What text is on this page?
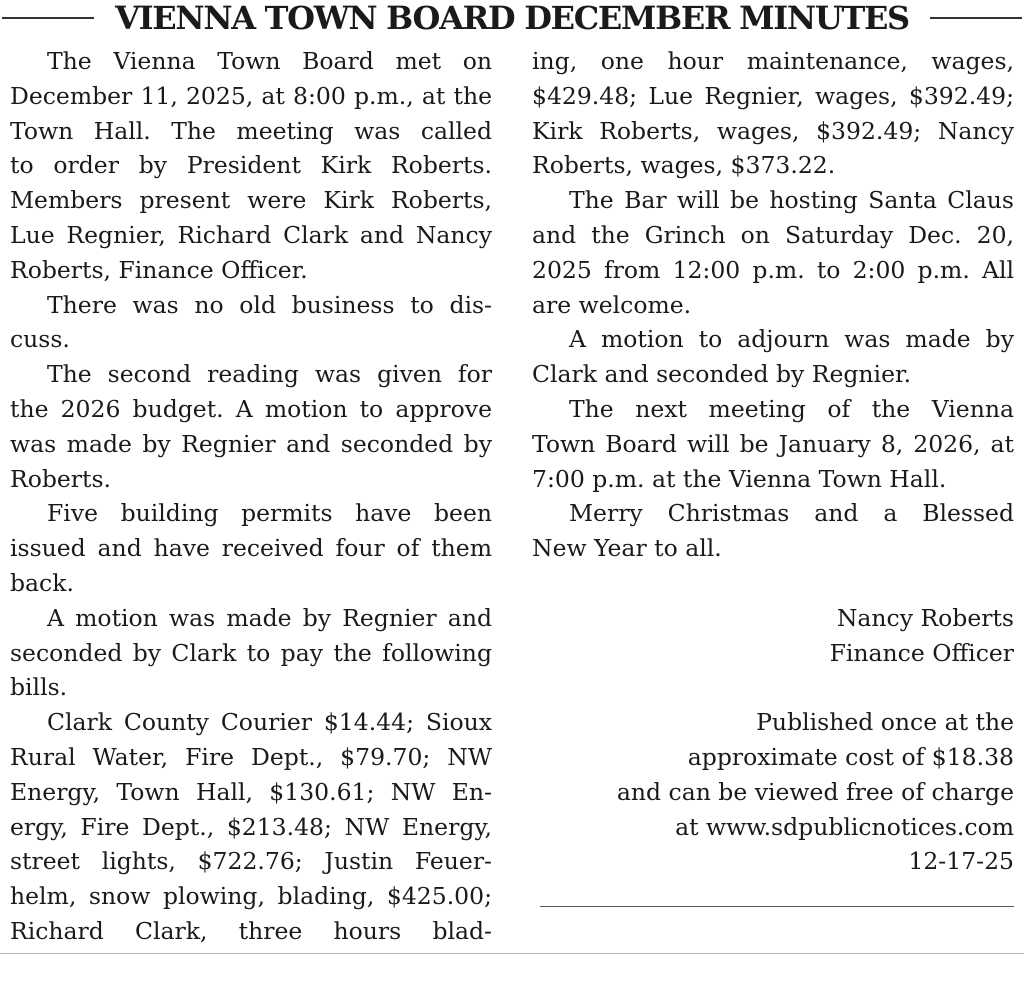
VIENNA TOWN BOARD DECEMBER MINUTES
The Vienna Town Board met on
December 11, 2025, at 8:00 p.m., at the
Town Hall. The meeting was called
to order by President Kirk Roberts.
Members present were Kirk Roberts,
Lue Regnier, Richard Clark and Nancy
Roberts, Finance Officer.
There was no old business to dis-
cuss.
The second reading was given for
the 2026 budget. A motion to approve
was made by Regnier and seconded by
Roberts.
Five building permits have been
issued and have received four of them
back.
A motion was made by Regnier and
seconded by Clark to pay the following
bills.
Clark County Courier $14.44; Sioux
Rural Water, Fire Dept., $79.70; NW
Energy, Town Hall, $130.61; NW En-
ergy, Fire Dept., $213.48; NW Energy,
street lights, $722.76; Justin Feuer-
helm, snow plowing, blading, $425.00;
Richard Clark, three hours blad-
ing, one hour maintenance, wages,
$429.48; Lue Regnier, wages, $392.49;
Kirk Roberts, wages, $392.49; Nancy
Roberts, wages, $373.22.
The Bar will be hosting Santa Claus
and the Grinch on Saturday Dec. 20,
2025 from 12:00 p.m. to 2:00 p.m. All
are welcome.
A motion to adjourn was made by
Clark and seconded by Regnier.
The next meeting of the Vienna
Town Board will be January 8, 2026, at
7:00 p.m. at the Vienna Town Hall.
Merry Christmas and a Blessed
New Year to all.
Nancy Roberts
Finance Officer
Published once at the
approximate cost of $18.38
and can be viewed free of charge
at www.sdpublicnotices.com
12-17-25
